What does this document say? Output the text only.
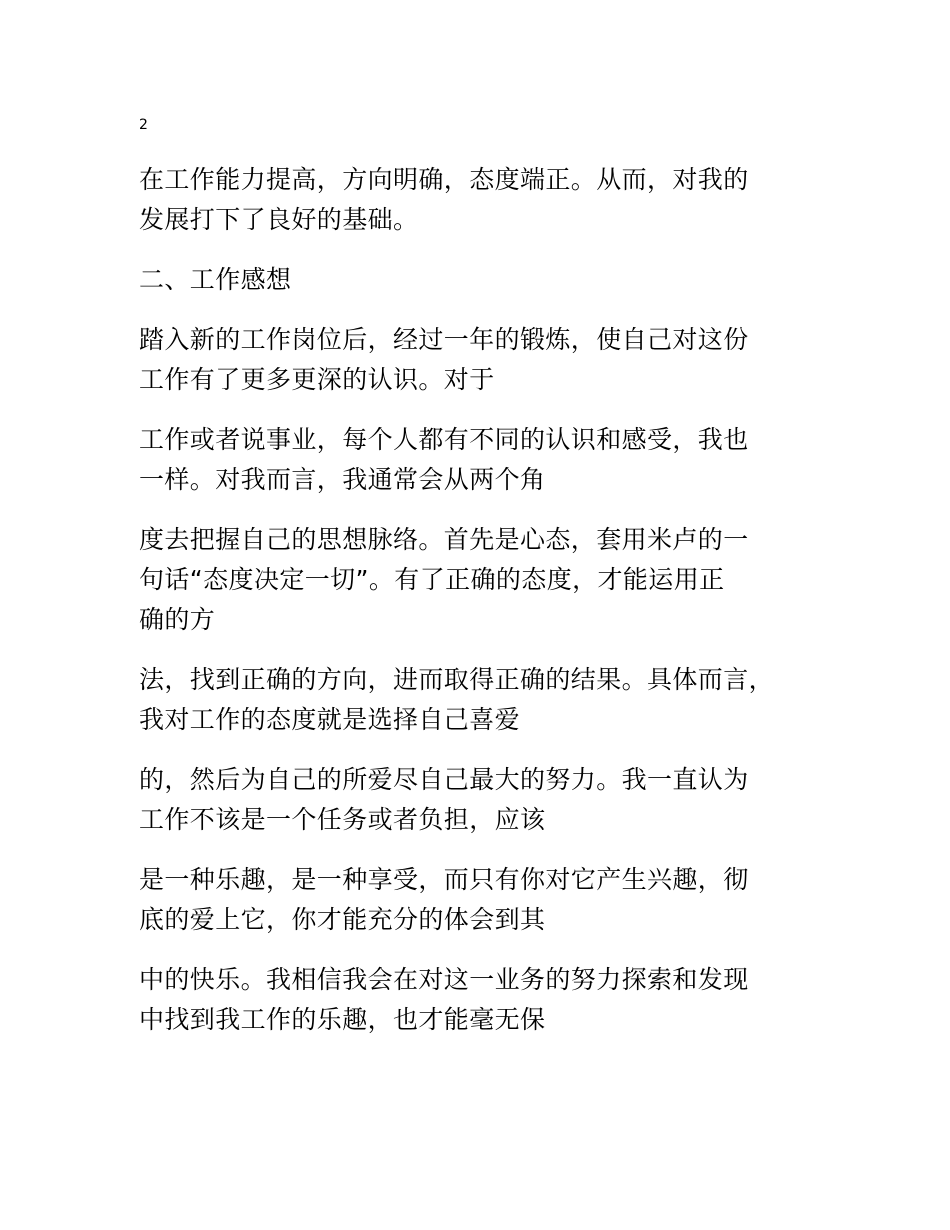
2

在工作能力提高，方向明确，态度端正。从而，对我的
发展打下了良好的基础。

二、工作感想

踏入新的工作岗位后，经过一年的锻炼，使自己对这份
工作有了更多更深的认识。对于

工作或者说事业，每个人都有不同的认识和感受，我也
一样。对我而言，我通常会从两个角

度去把握自己的思想脉络。首先是心态，套用米卢的一
句话“态度决定一切”。有了正确的态度，才能运用正
确的方

法，找到正确的方向，进而取得正确的结果。具体而言，
我对工作的态度就是选择自己喜爱

的，然后为自己的所爱尽自己最大的努力。我一直认为
工作不该是一个任务或者负担，应该

是一种乐趣，是一种享受，而只有你对它产生兴趣，彻
底的爱上它，你才能充分的体会到其

中的快乐。我相信我会在对这一业务的努力探索和发现
中找到我工作的乐趣，也才能毫无保
